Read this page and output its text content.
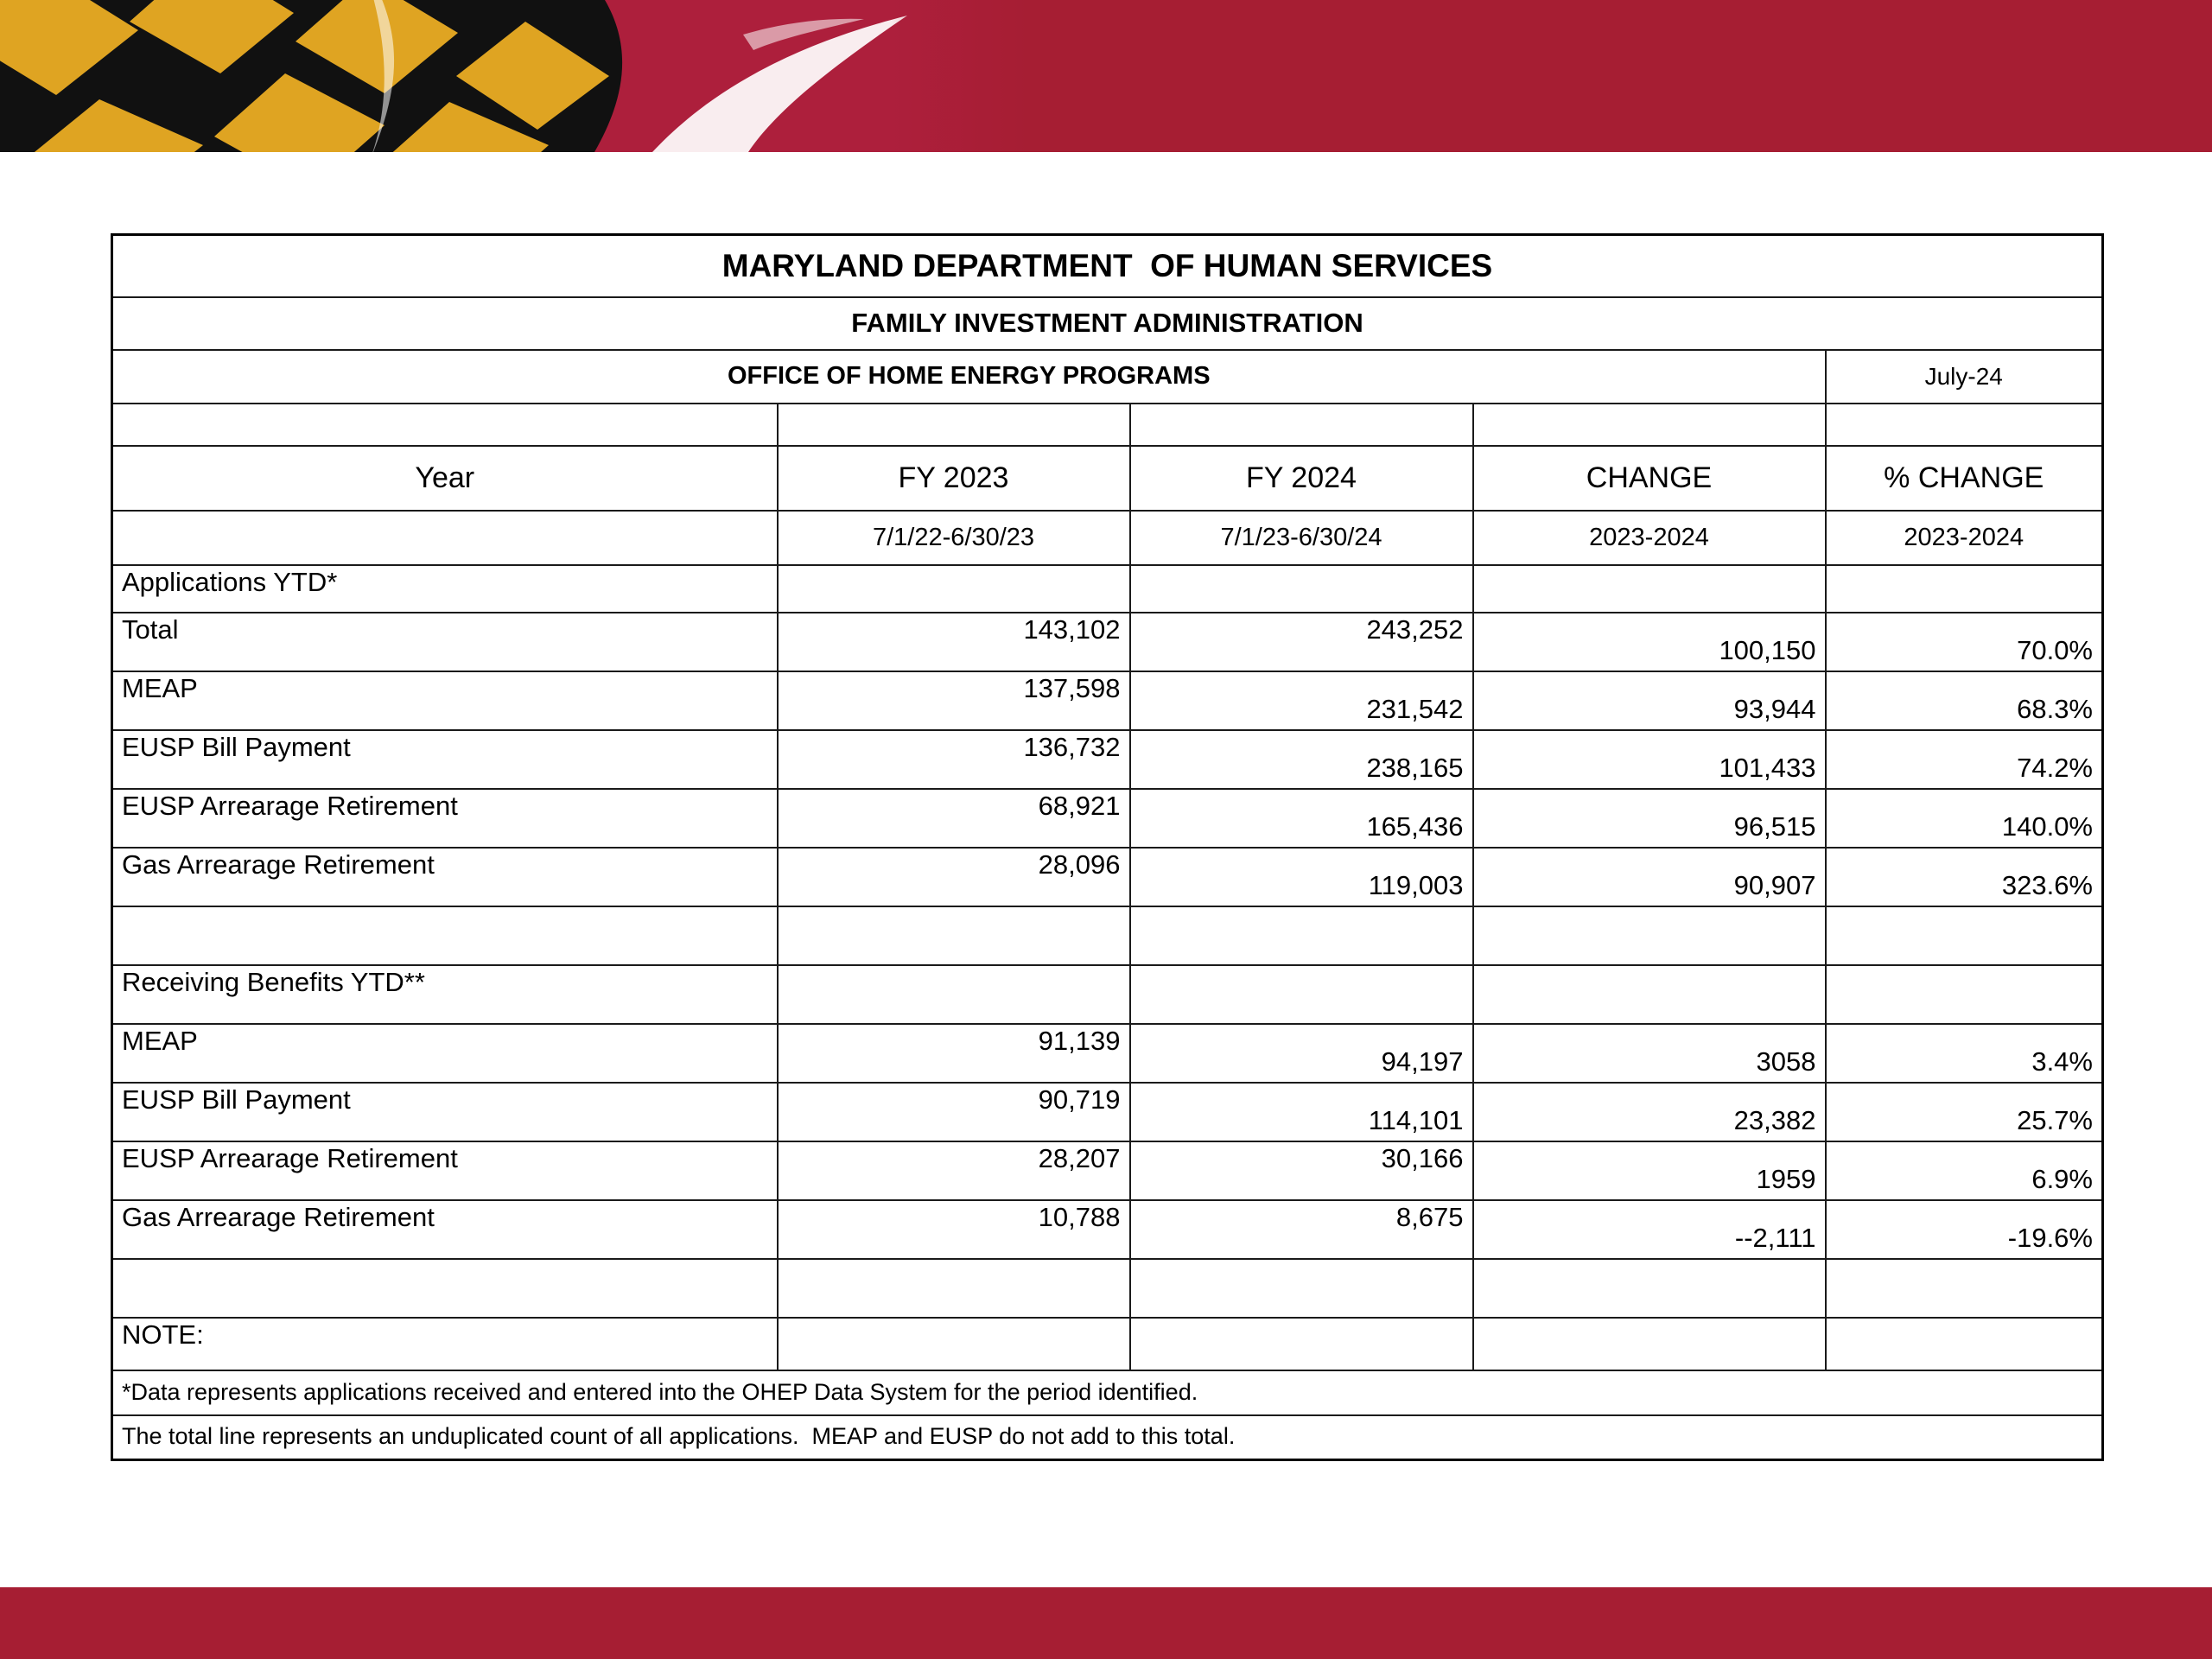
MARYLAND DEPARTMENT  OF HUMAN SERVICES				
FAMILY INVESTMENT ADMINISTRATION				
OFFICE OF HOME ENERGY PROGRAMS				July-24

Year	FY 2023	FY 2024	CHANGE	% CHANGE
	7/1/22-6/30/23	7/1/23-6/30/24	2023-2024	2023-2024
Applications YTD*				
Total	143,102	243,252	100,150	70.0%
MEAP	137,598	231,542	93,944	68.3%
EUSP Bill Payment	136,732	238,165	101,433	74.2%
EUSP Arrearage Retirement	68,921	165,436	96,515	140.0%
Gas Arrearage Retirement	28,096	119,003	90,907	323.6%

Receiving Benefits YTD**				
MEAP	91,139	94,197	3058	3.4%
EUSP Bill Payment	90,719	114,101	23,382	25.7%
EUSP Arrearage Retirement	28,207	30,166	1959	6.9%
Gas Arrearage Retirement	10,788	8,675	--2,111	-19.6%

NOTE:				
*Data represents applications received and entered into the OHEP Data System for the period identified.				
The total line represents an unduplicated count of all applications.  MEAP and EUSP do not add to this total.				
